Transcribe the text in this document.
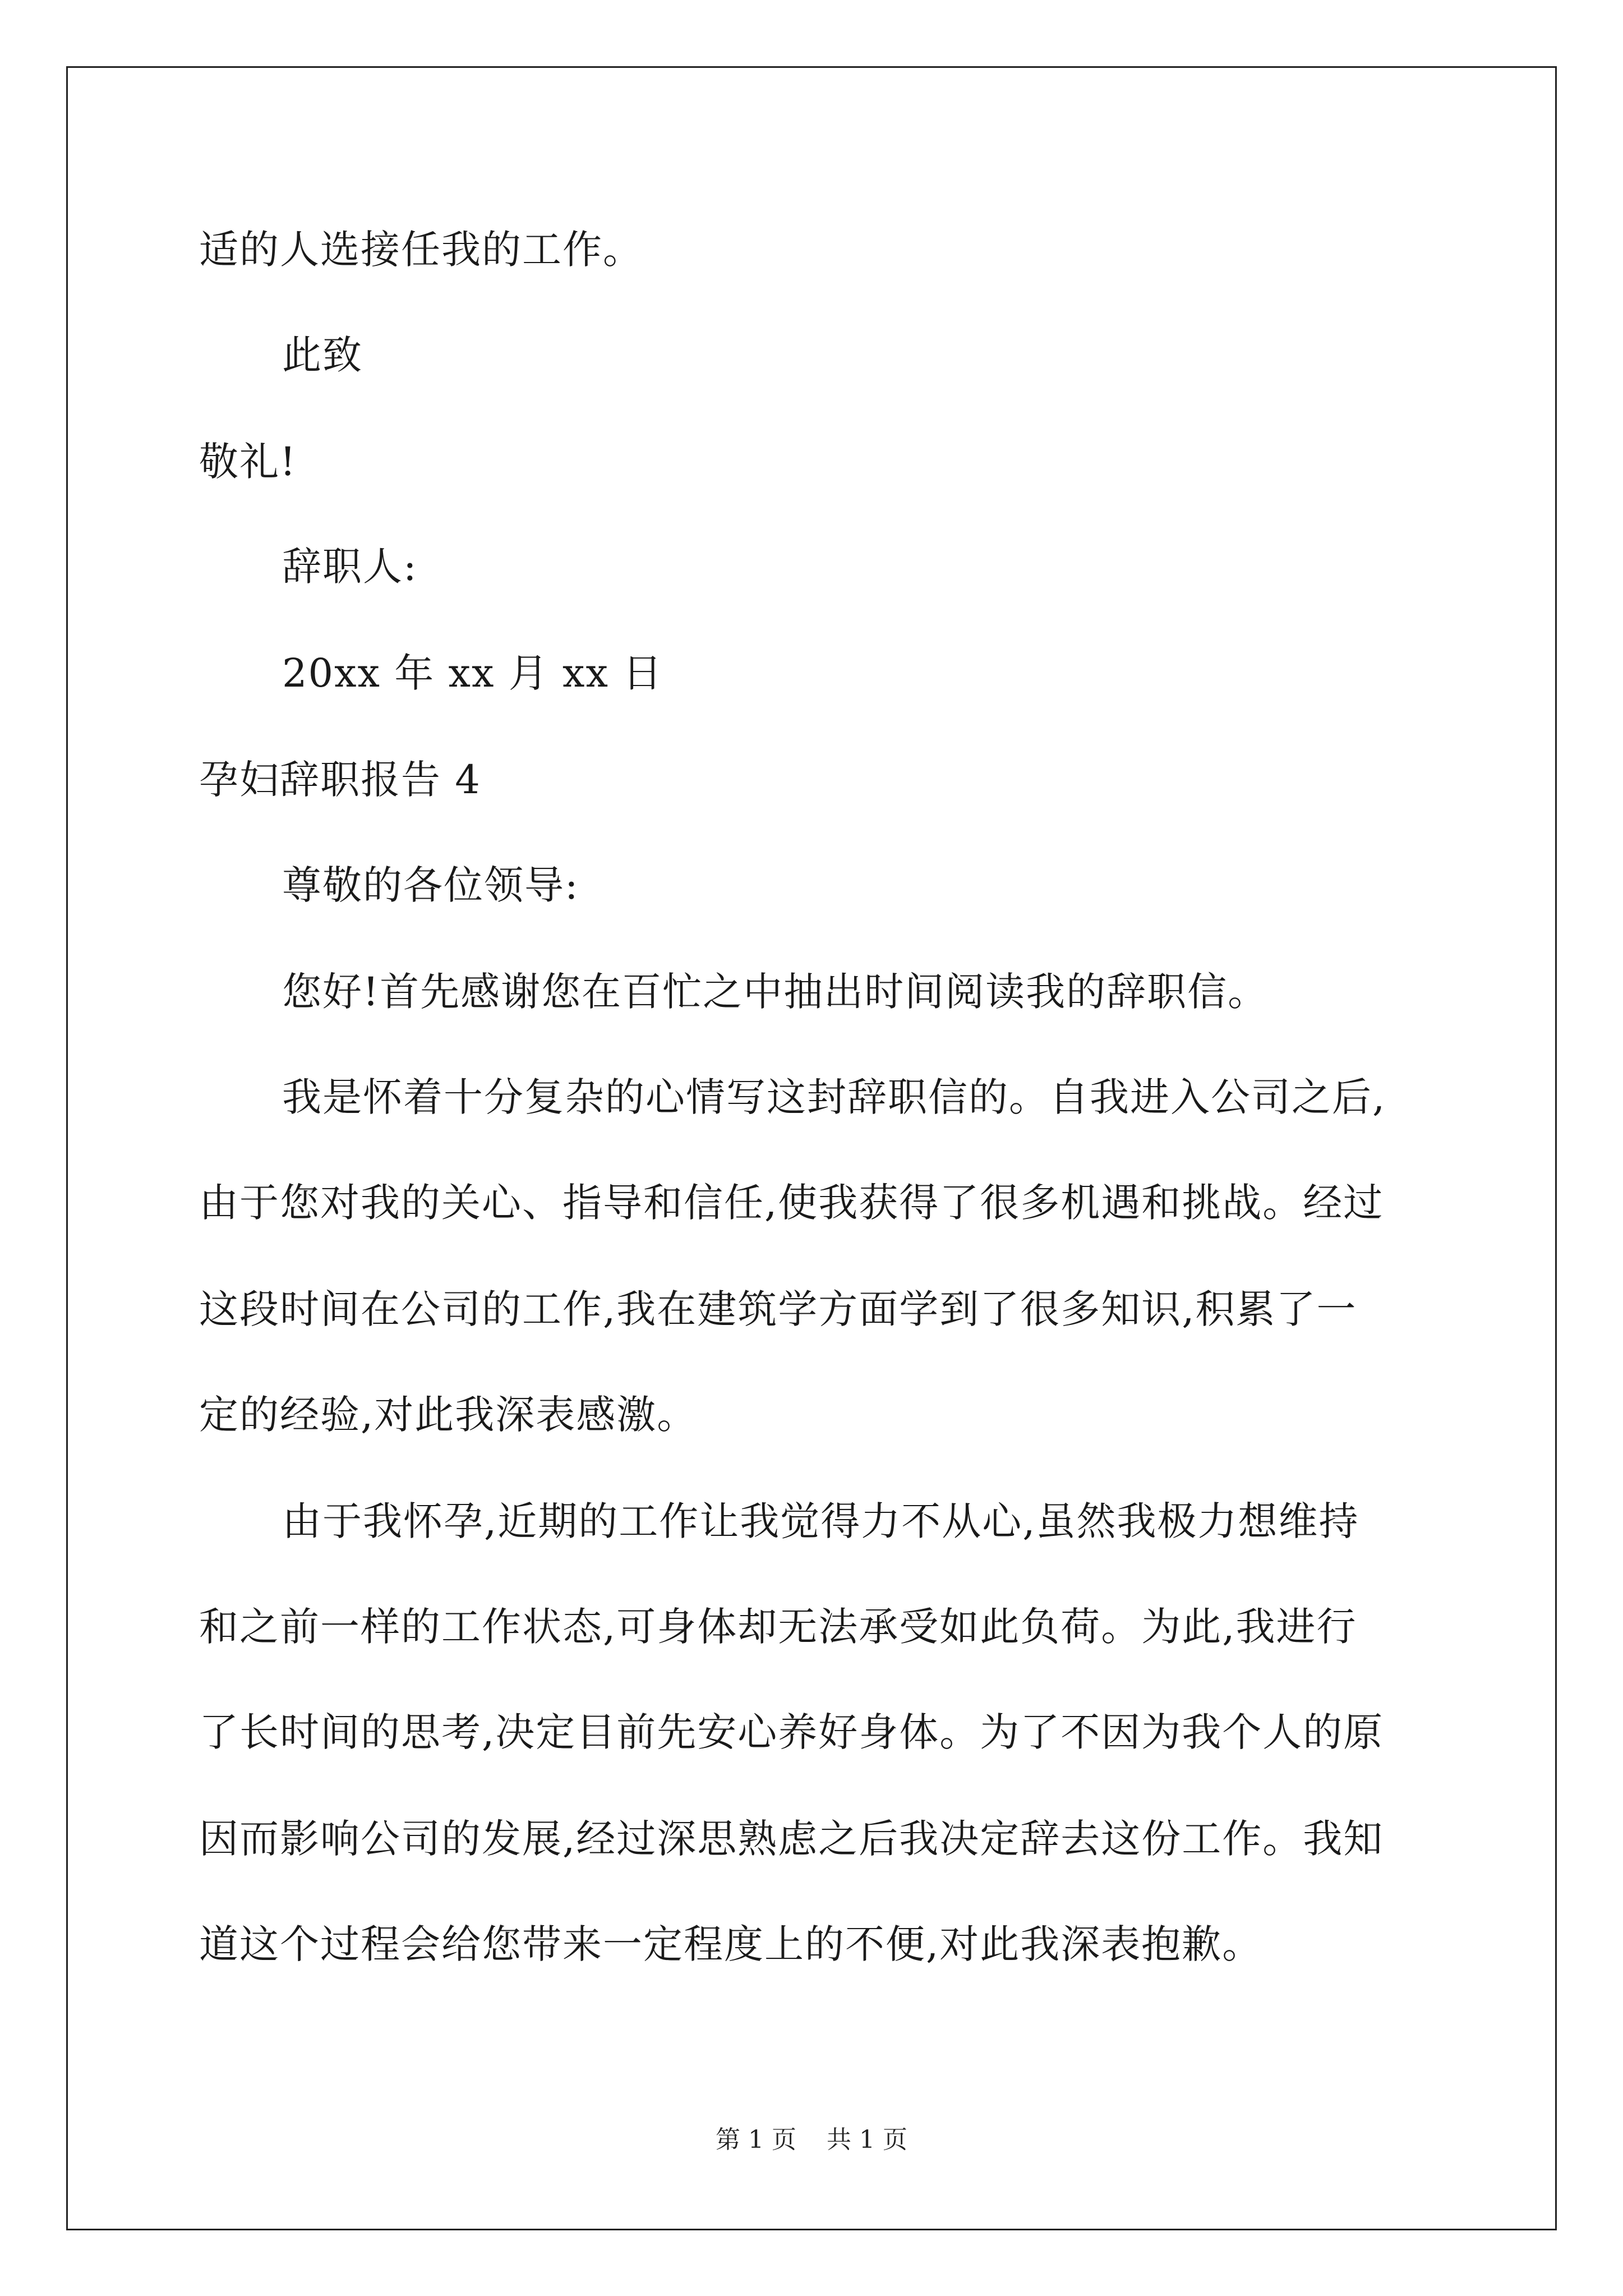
适的人选接任我的工作。
此致
敬礼!
辞职人:
20xx 年 xx 月 xx 日
孕妇辞职报告 4
尊敬的各位领导:
您好!首先感谢您在百忙之中抽出时间阅读我的辞职信。
我是怀着十分复杂的心情写这封辞职信的。自我进入公司之后,
由于您对我的关心、指导和信任,使我获得了很多机遇和挑战。经过
这段时间在公司的工作,我在建筑学方面学到了很多知识,积累了一
定的经验,对此我深表感激。
由于我怀孕,近期的工作让我觉得力不从心,虽然我极力想维持
和之前一样的工作状态,可身体却无法承受如此负荷。为此,我进行
了长时间的思考,决定目前先安心养好身体。为了不因为我个人的原
因而影响公司的发展,经过深思熟虑之后我决定辞去这份工作。我知
道这个过程会给您带来一定程度上的不便,对此我深表抱歉。
第 1 页 共 1 页
